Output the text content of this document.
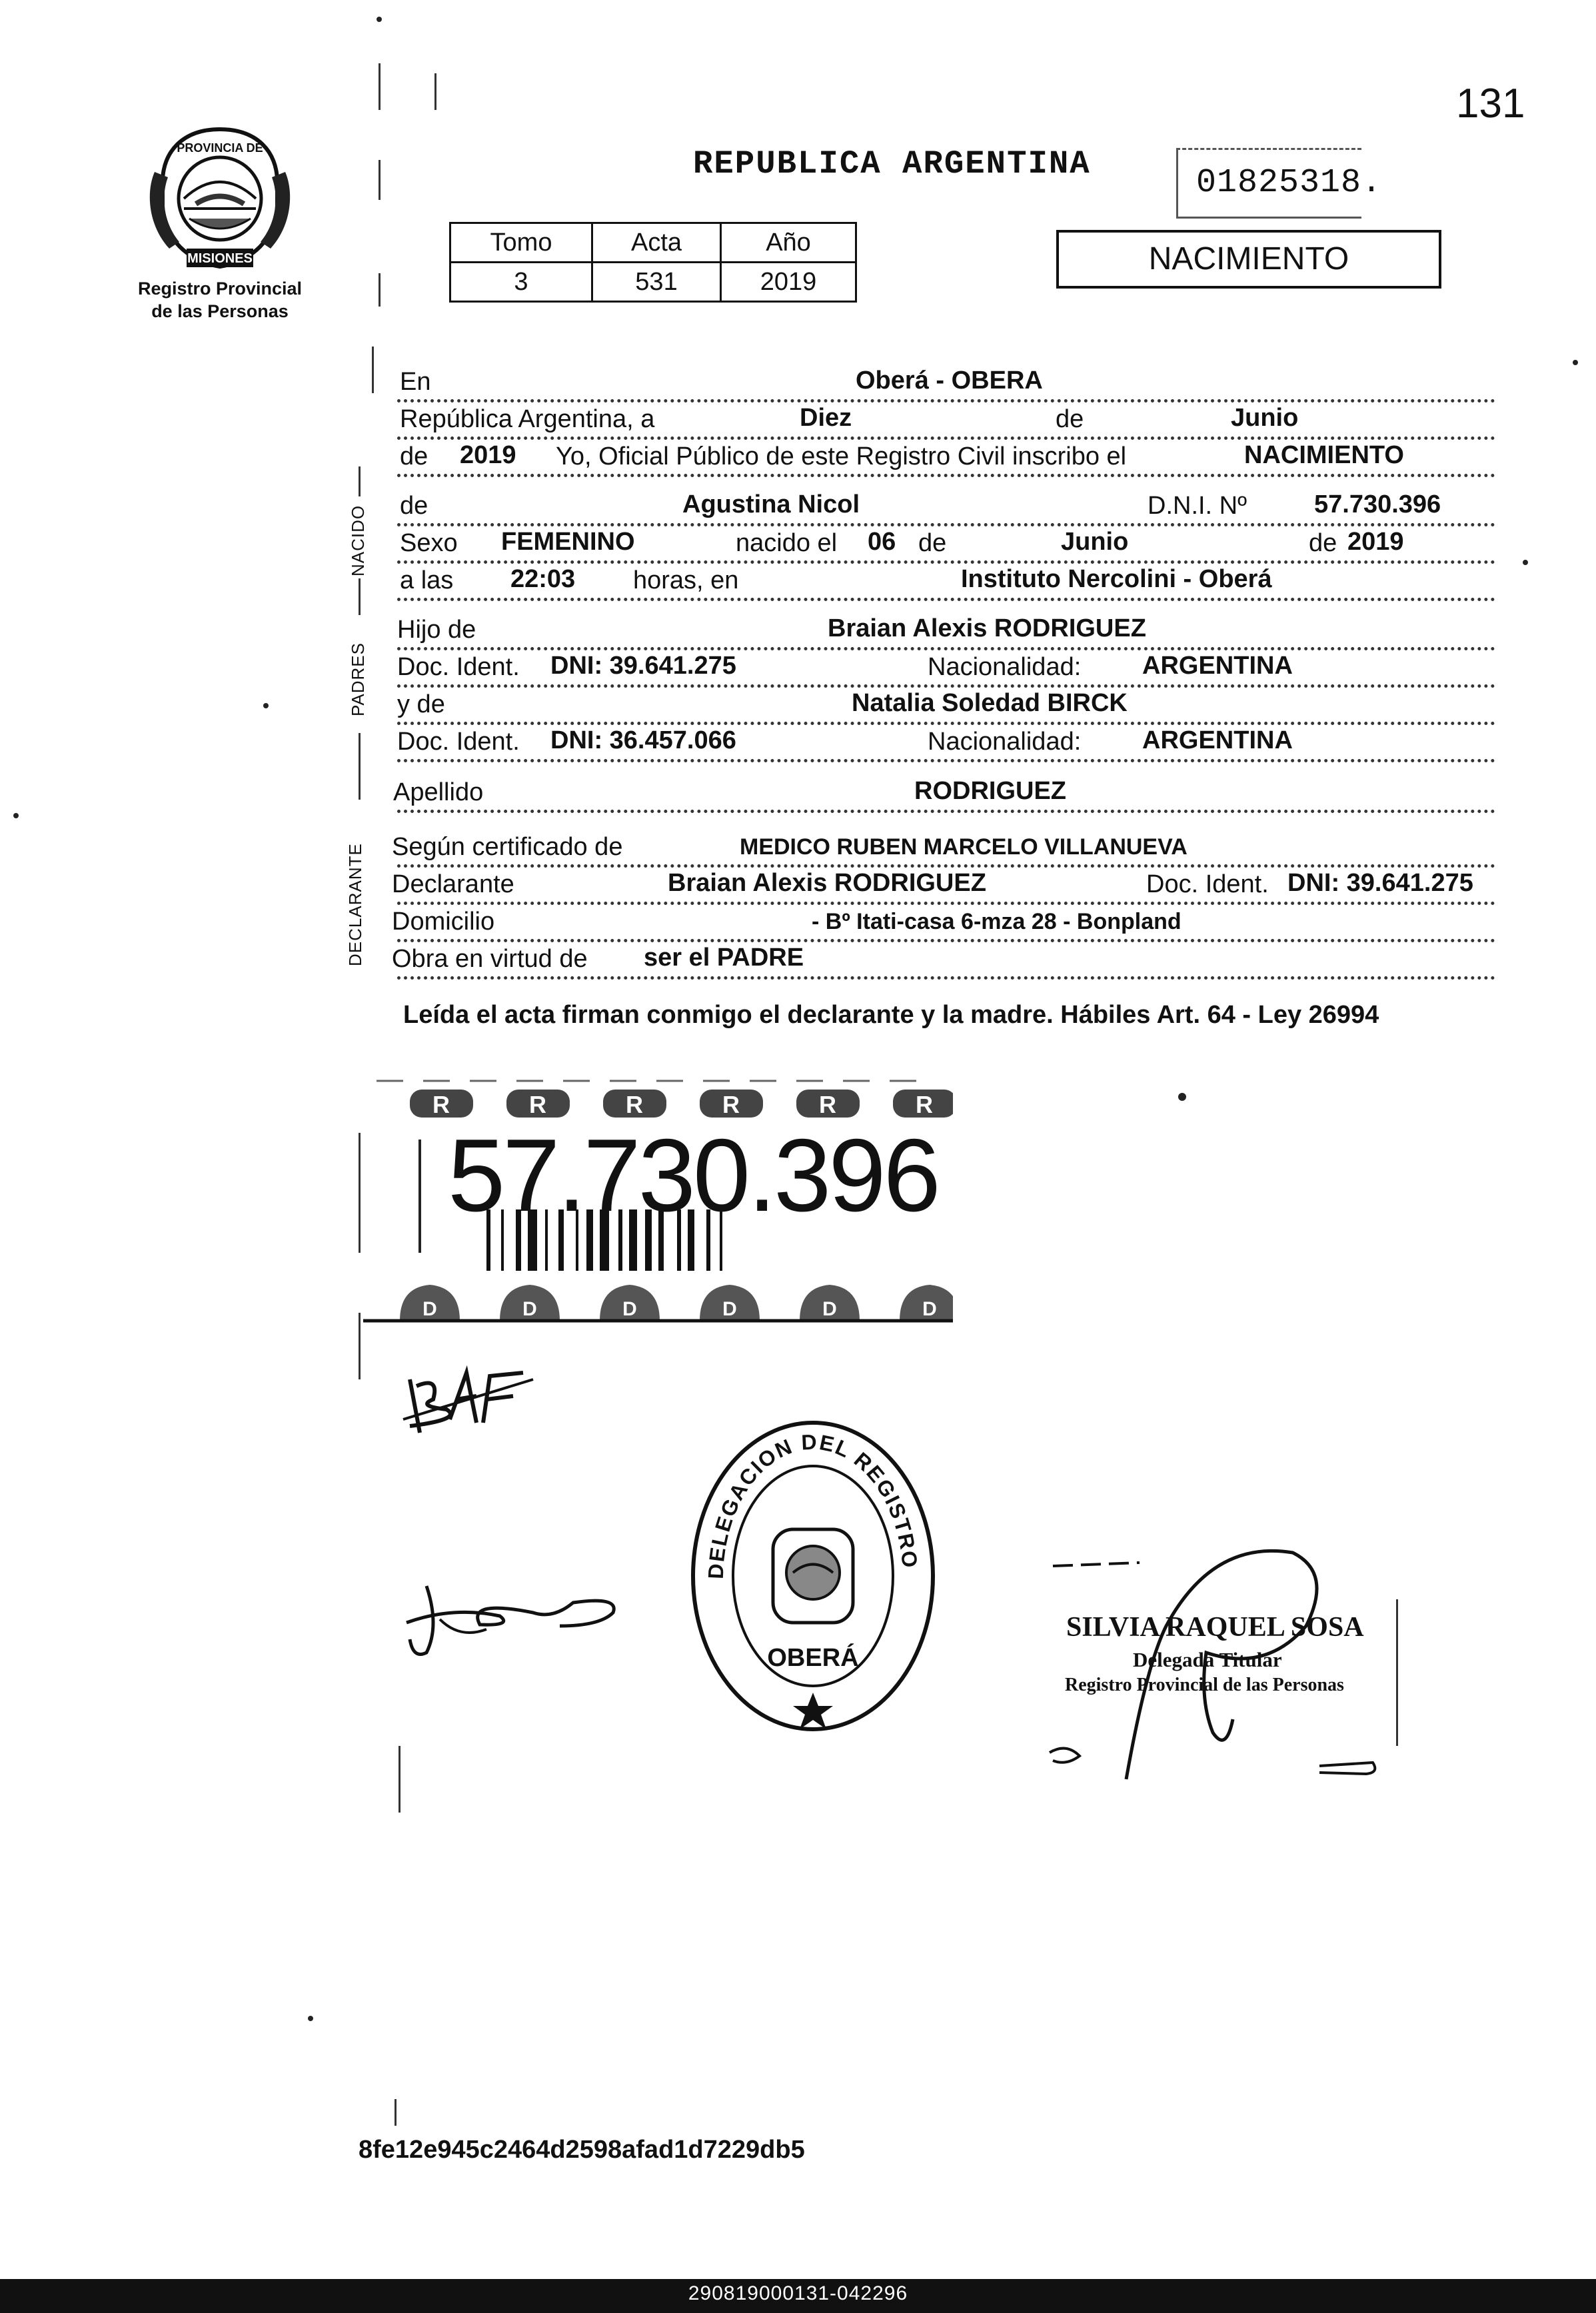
131
MISIONES
PROVINCIA DE
Registro Provincial
de las Personas
REPUBLICA ARGENTINA	01825318.
Tomo	Acta	Año
3	531	2019
NACIMIENTO
NACIDO
PADRES
DECLARANTE
En	Oberá - OBERA
República Argentina, a	Diez	de	Junio
de 2019 Yo, Oficial Público de este Registro Civil inscribo el	NACIMIENTO
de	Agustina Nicol	D.N.I. Nº	57.730.396
Sexo FEMENINO	nacido el 06 de	Junio	de 2019
a las 22:03 horas, en	Instituto Nercolini - Oberá
Hijo de	Braian Alexis RODRIGUEZ
Doc. Ident. DNI: 39.641.275	Nacionalidad: ARGENTINA
y de	Natalia Soledad BIRCK
Doc. Ident. DNI: 36.457.066	Nacionalidad: ARGENTINA
Apellido	RODRIGUEZ
Según certificado de	MEDICO RUBEN MARCELO VILLANUEVA
Declarante	Braian Alexis RODRIGUEZ	Doc. Ident. DNI: 39.641.275
Domicilio	- Bº Itati-casa 6-mza 28 - Bonpland
Obra en virtud de ser el PADRE
Leída el acta firman conmigo el declarante y la madre. Hábiles Art. 64 - Ley 26994
R	R	R	R	R	R
D	D	D	D	D	D
57.730.396
DELEGACION DEL REGISTRO
OBERÁ
SILVIA RAQUEL SOSA
Delegada Titular
Registro Provincial de las Personas
8fe12e945c2464d2598afad1d7229db5
290819000131-042296
